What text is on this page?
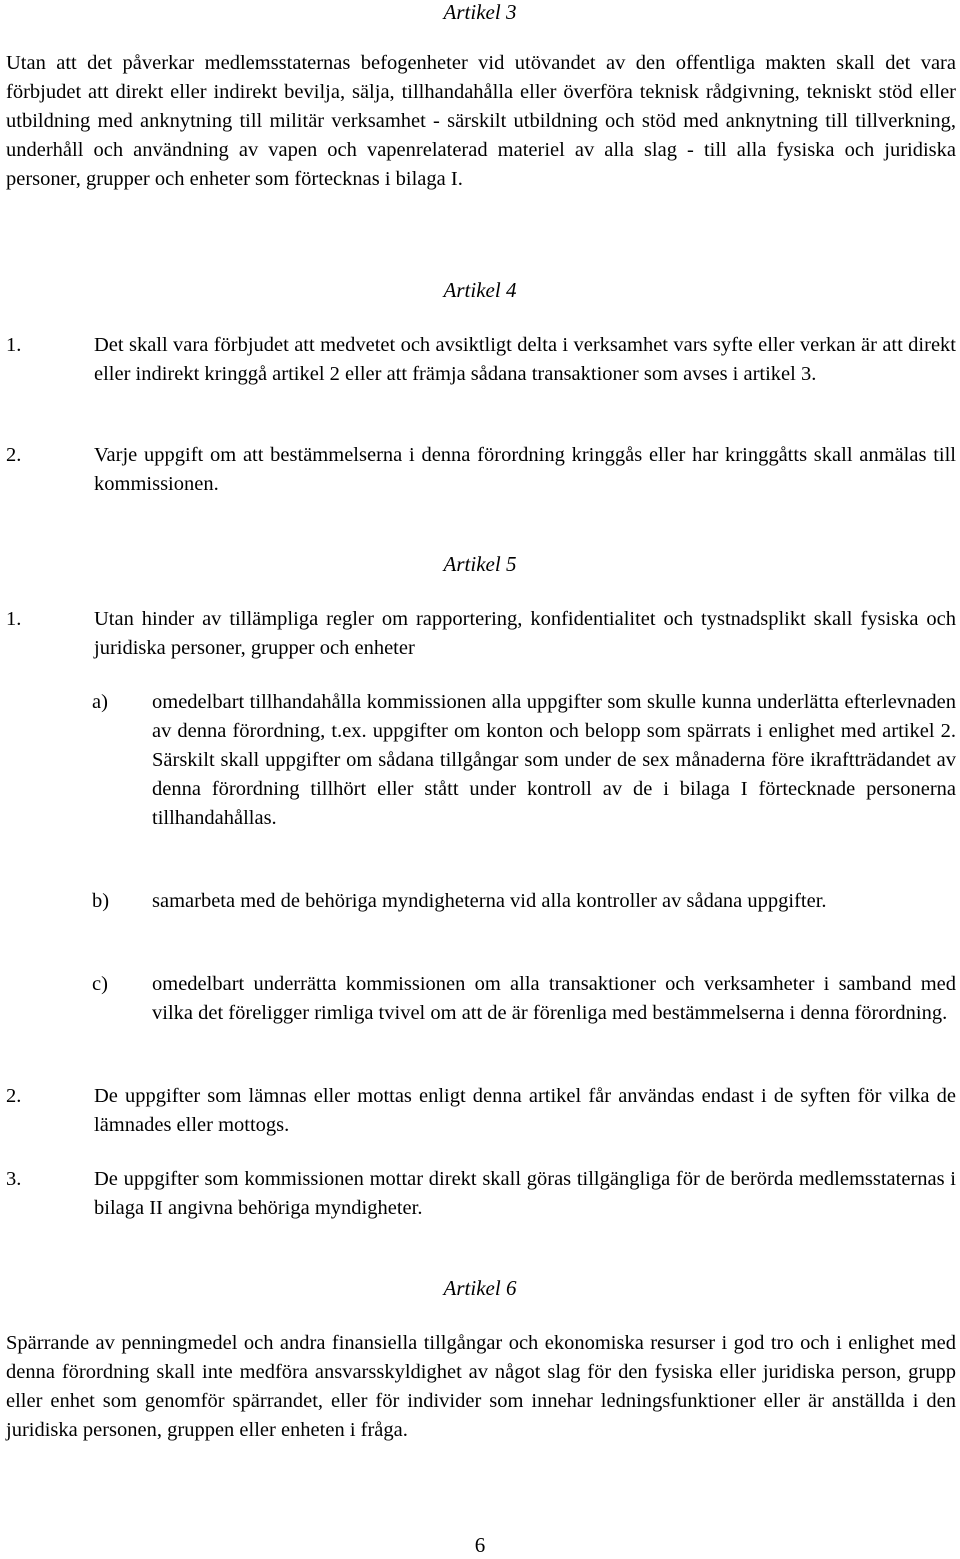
Artikel 3
Utan att det påverkar medlemsstaternas befogenheter vid utövandet av den offentliga makten skall det vara förbjudet att direkt eller indirekt bevilja, sälja, tillhandahålla eller överföra teknisk rådgivning, tekniskt stöd eller utbildning med anknytning till militär verksamhet - särskilt utbildning och stöd med anknytning till tillverkning, underhåll och användning av vapen och vapenrelaterad materiel av alla slag - till alla fysiska och juridiska personer, grupper och enheter som förtecknas i bilaga I.
Artikel 4
1.	Det skall vara förbjudet att medvetet och avsiktligt delta i verksamhet vars syfte eller verkan är att direkt eller indirekt kringgå artikel 2 eller att främja sådana transaktioner som avses i artikel 3.
2.	Varje uppgift om att bestämmelserna i denna förordning kringgås eller har kringgåtts skall anmälas till kommissionen.
Artikel 5
1.	Utan hinder av tillämpliga regler om rapportering, konfidentialitet och tystnadsplikt skall fysiska och juridiska personer, grupper och enheter
a) omedelbart tillhandahålla kommissionen alla uppgifter som skulle kunna underlätta efterlevnaden av denna förordning, t.ex. uppgifter om konton och belopp som spärrats i enlighet med artikel 2. Särskilt skall uppgifter om sådana tillgångar som under de sex månaderna före ikraftträdandet av denna förordning tillhört eller stått under kontroll av de i bilaga I förtecknade personerna tillhandahållas.
b) samarbeta med de behöriga myndigheterna vid alla kontroller av sådana uppgifter.
c) omedelbart underrätta kommissionen om alla transaktioner och verksamheter i samband med vilka det föreligger rimliga tvivel om att de är förenliga med bestämmelserna i denna förordning.
2.	De uppgifter som lämnas eller mottas enligt denna artikel får användas endast i de syften för vilka de lämnades eller mottogs.
3.	De uppgifter som kommissionen mottar direkt skall göras tillgängliga för de berörda medlemsstaternas i bilaga II angivna behöriga myndigheter.
Artikel 6
Spärrande av penningmedel och andra finansiella tillgångar och ekonomiska resurser i god tro och i enlighet med denna förordning skall inte medföra ansvarsskyldighet av något slag för den fysiska eller juridiska person, grupp eller enhet som genomför spärrandet, eller för individer som innehar ledningsfunktioner eller är anställda i den juridiska personen, gruppen eller enheten i fråga.
6
